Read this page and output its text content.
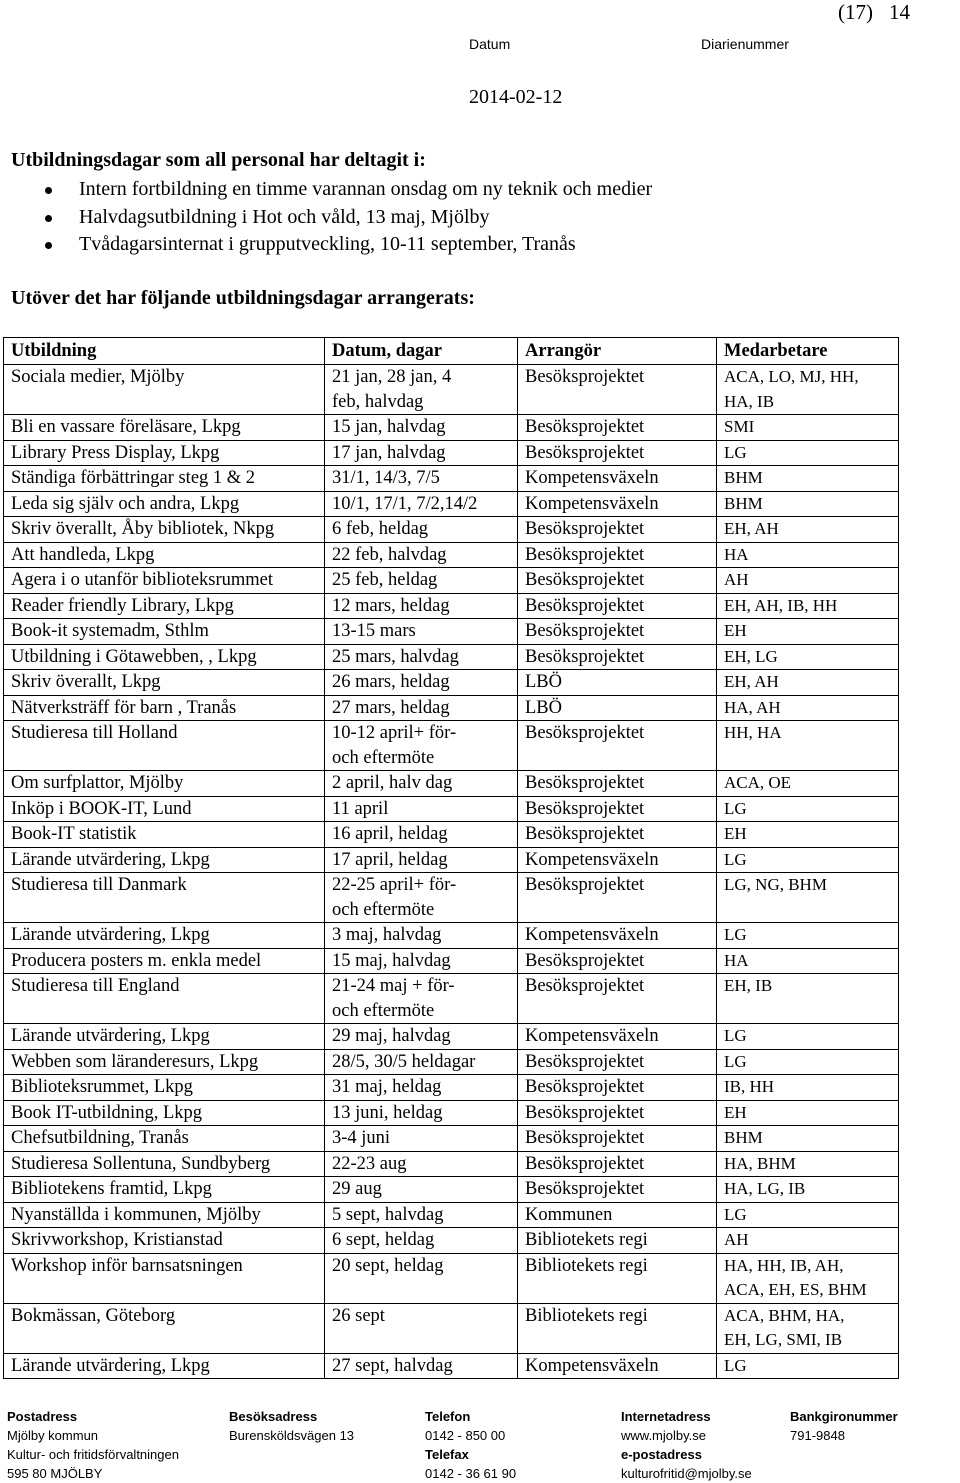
(17) 14
Datum	Diarienummer
2014-02-12
Utbildningsdagar som all personal har deltagit i:
Intern fortbildning en timme varannan onsdag om ny teknik och medier
Halvdagsutbildning i Hot och våld, 13 maj, Mjölby
Tvådagarsinternat i grupputveckling, 10-11 september, Tranås
Utöver det har följande utbildningsdagar arrangerats:
Utbildning	Datum, dagar	Arrangör	Medarbetare
Sociala medier, Mjölby	21 jan, 28 jan, 4
feb, halvdag	Besöksprojektet	ACA, LO, MJ, HH,
HA, IB
Bli en vassare föreläsare, Lkpg	15 jan, halvdag	Besöksprojektet	SMI
Library Press Display, Lkpg	17 jan, halvdag	Besöksprojektet	LG
Ständiga förbättringar steg 1 & 2	31/1, 14/3, 7/5	Kompetensväxeln	BHM
Leda sig själv och andra, Lkpg	10/1, 17/1, 7/2,14/2	Kompetensväxeln	BHM
Skriv överallt, Åby bibliotek, Nkpg	6 feb, heldag	Besöksprojektet	EH, AH
Att handleda, Lkpg	22 feb, halvdag	Besöksprojektet	HA
Agera i o utanför biblioteksrummet	25 feb, heldag	Besöksprojektet	AH
Reader friendly Library, Lkpg	12 mars, heldag	Besöksprojektet	EH, AH, IB, HH
Book-it systemadm, Sthlm	13-15 mars	Besöksprojektet	EH
Utbildning i Götawebben, , Lkpg	25 mars, halvdag	Besöksprojektet	EH, LG
Skriv överallt, Lkpg	26 mars, heldag	LBÖ	EH, AH
Nätverksträff för barn , Tranås	27 mars, heldag	LBÖ	HA, AH
Studieresa till Holland	10-12 april+ för-
och eftermöte	Besöksprojektet	HH, HA
Om surfplattor, Mjölby	2 april, halv dag	Besöksprojektet	ACA, OE
Inköp i BOOK-IT, Lund	11 april	Besöksprojektet	LG
Book-IT statistik	16 april, heldag	Besöksprojektet	EH
Lärande utvärdering, Lkpg	17 april, heldag	Kompetensväxeln	LG
Studieresa till Danmark	22-25 april+ för-
och eftermöte	Besöksprojektet	LG, NG, BHM
Lärande utvärdering, Lkpg	3 maj, halvdag	Kompetensväxeln	LG
Producera posters m. enkla medel	15 maj, halvdag	Besöksprojektet	HA
Studieresa till England	21-24 maj + för-
och eftermöte	Besöksprojektet	EH, IB
Lärande utvärdering, Lkpg	29 maj, halvdag	Kompetensväxeln	LG
Webben som läranderesurs, Lkpg	28/5, 30/5 heldagar	Besöksprojektet	LG
Biblioteksrummet, Lkpg	31 maj, heldag	Besöksprojektet	IB, HH
Book IT-utbildning, Lkpg	13 juni, heldag	Besöksprojektet	EH
Chefsutbildning, Tranås	3-4 juni	Besöksprojektet	BHM
Studieresa Sollentuna, Sundbyberg	22-23 aug	Besöksprojektet	HA, BHM
Bibliotekens framtid, Lkpg	29 aug	Besöksprojektet	HA, LG, IB
Nyanställda i kommunen, Mjölby	5 sept, halvdag	Kommunen	LG
Skrivworkshop, Kristianstad	6 sept, heldag	Bibliotekets regi	AH
Workshop inför barnsatsningen	20 sept, heldag	Bibliotekets regi	HA, HH, IB, AH,
ACA, EH, ES, BHM
Bokmässan, Göteborg	26 sept	Bibliotekets regi	ACA, BHM, HA,
EH, LG, SMI, IB
Lärande utvärdering, Lkpg	27 sept, halvdag	Kompetensväxeln	LG
Postadress
Mjölby kommun
Kultur- och fritidsförvaltningen
595 80 MJÖLBY
Besöksadress
Burensköldsvägen 13
Telefon
0142 - 850 00
Telefax
0142 - 36 61 90
Internetadress
www.mjolby.se
e-postadress
kulturofritid@mjolby.se
Bankgironummer
791-9848
